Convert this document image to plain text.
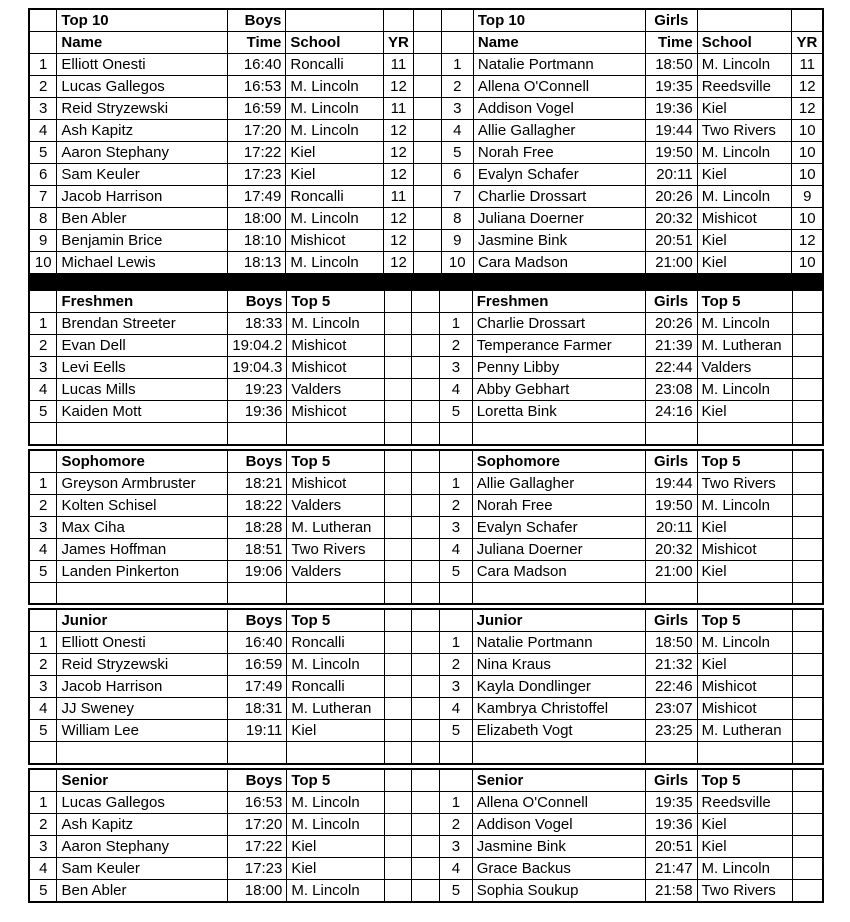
	Top 10	Boys			
	Name	Time	School	YR	
1	Elliott Onesti	16:40	Roncalli	11	
2	Lucas Gallegos	16:53	M. Lincoln	12	
3	Reid Stryzewski	16:59	M. Lincoln	11	
4	Ash Kapitz	17:20	M. Lincoln	12	
5	Aaron Stephany	17:22	Kiel	12	
6	Sam Keuler	17:23	Kiel	12	
7	Jacob Harrison	17:49	Roncalli	11	
8	Ben Abler	18:00	M. Lincoln	12	
9	Benjamin Brice	18:10	Mishicot	12	
10	Michael Lewis	18:13	M. Lincoln	12	
	Top 10	Girls		
	Name	Time	School	YR
1	Natalie Portmann	18:50	M. Lincoln	11
2	Allena O'Connell	19:35	Reedsville	12
3	Addison Vogel	19:36	Kiel	12
4	Allie Gallagher	19:44	Two Rivers	10
5	Norah Free	19:50	M. Lincoln	10
6	Evalyn Schafer	20:11	Kiel	10
7	Charlie Drossart	20:26	M. Lincoln	9
8	Juliana Doerner	20:32	Mishicot	10
9	Jasmine Bink	20:51	Kiel	12
10	Cara Madson	21:00	Kiel	10
	Freshmen	Boys	Top 5		
1	Brendan Streeter	18:33	M. Lincoln		
2	Evan Dell	19:04.2	Mishicot		
3	Levi Eells	19:04.3	Mishicot		
4	Lucas Mills	19:23	Valders		
5	Kaiden Mott	19:36	Mishicot		

	Freshmen	Girls	Top 5	
1	Charlie Drossart	20:26	M. Lincoln	
2	Temperance Farmer	21:39	M. Lutheran	
3	Penny Libby	22:44	Valders	
4	Abby Gebhart	23:08	M. Lincoln	
5	Loretta Bink	24:16	Kiel	

	Sophomore	Boys	Top 5		
1	Greyson Armbruster	18:21	Mishicot		
2	Kolten Schisel	18:22	Valders		
3	Max Ciha	18:28	M. Lutheran		
4	James Hoffman	18:51	Two Rivers		
5	Landen Pinkerton	19:06	Valders		

	Sophomore	Girls	Top 5	
1	Allie Gallagher	19:44	Two Rivers	
2	Norah Free	19:50	M. Lincoln	
3	Evalyn Schafer	20:11	Kiel	
4	Juliana Doerner	20:32	Mishicot	
5	Cara Madson	21:00	Kiel	

	Junior	Boys	Top 5		
1	Elliott Onesti	16:40	Roncalli		
2	Reid Stryzewski	16:59	M. Lincoln		
3	Jacob Harrison	17:49	Roncalli		
4	JJ Sweney	18:31	M. Lutheran		
5	William Lee	19:11	Kiel		

	Junior	Girls	Top 5	
1	Natalie Portmann	18:50	M. Lincoln	
2	Nina Kraus	21:32	Kiel	
3	Kayla Dondlinger	22:46	Mishicot	
4	Kambrya Christoffel	23:07	Mishicot	
5	Elizabeth Vogt	23:25	M. Lutheran	

	Senior	Boys	Top 5		
1	Lucas Gallegos	16:53	M. Lincoln		
2	Ash Kapitz	17:20	M. Lincoln		
3	Aaron Stephany	17:22	Kiel		
4	Sam Keuler	17:23	Kiel		
5	Ben Abler	18:00	M. Lincoln		
	Senior	Girls	Top 5	
1	Allena O'Connell	19:35	Reedsville	
2	Addison Vogel	19:36	Kiel	
3	Jasmine Bink	20:51	Kiel	
4	Grace Backus	21:47	M. Lincoln	
5	Sophia Soukup	21:58	Two Rivers	
